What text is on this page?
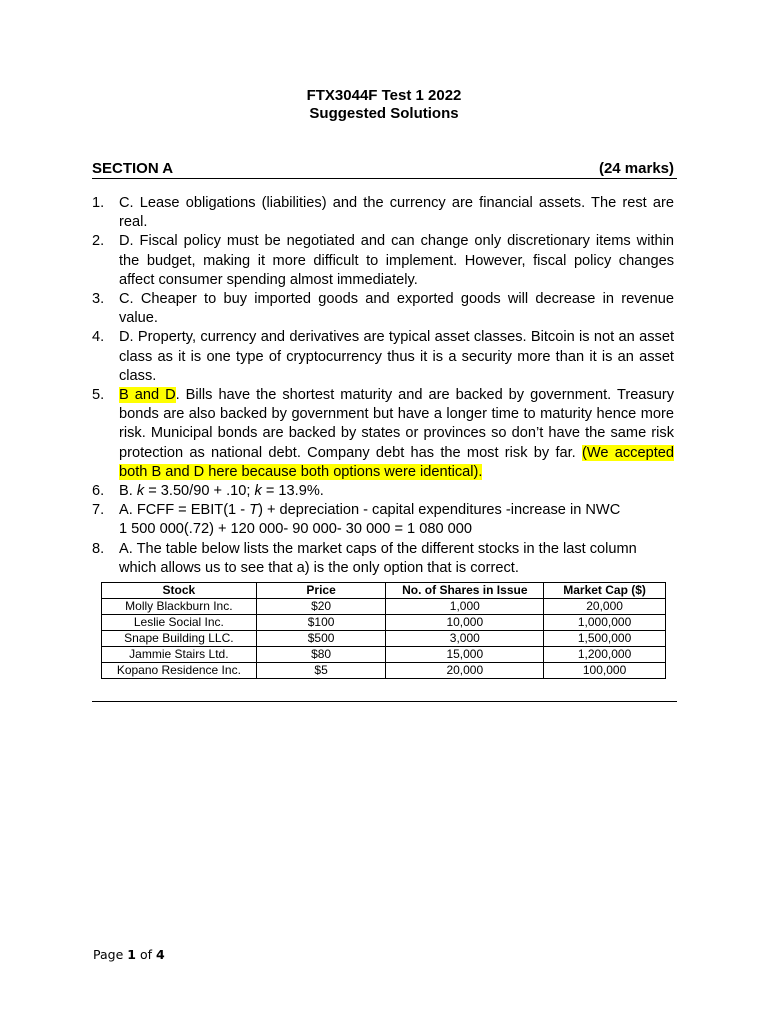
FTX3044F Test 1 2022
Suggested Solutions
SECTION A	(24 marks)
1. C. Lease obligations (liabilities) and the currency are financial assets. The rest are real.
2. D. Fiscal policy must be negotiated and can change only discretionary items within the budget, making it more difficult to implement. However, fiscal policy changes affect consumer spending almost immediately.
3. C. Cheaper to buy imported goods and exported goods will decrease in revenue value.
4. D. Property, currency and derivatives are typical asset classes. Bitcoin is not an asset class as it is one type of cryptocurrency thus it is a security more than it is an asset class.
5. B and D. Bills have the shortest maturity and are backed by government. Treasury bonds are also backed by government but have a longer time to maturity hence more risk. Municipal bonds are backed by states or provinces so don’t have the same risk protection as national debt. Company debt has the most risk by far. (We accepted both B and D here because both options were identical).
6. B. k = 3.50/90 + .10; k = 13.9%.
7. A. FCFF = EBIT(1 - T) + depreciation - capital expenditures -increase in NWC
1 500 000(.72) + 120 000- 90 000- 30 000 = 1 080 000
8. A. The table below lists the market caps of the different stocks in the last column which allows us to see that a) is the only option that is correct.
Stock	Price	No. of Shares in Issue	Market Cap ($)
Molly Blackburn Inc.	$20	1,000	20,000
Leslie Social Inc.	$100	10,000	1,000,000
Snape Building LLC.	$500	3,000	1,500,000
Jammie Stairs Ltd.	$80	15,000	1,200,000
Kopano Residence Inc.	$5	20,000	100,000
Page 1 of 4
